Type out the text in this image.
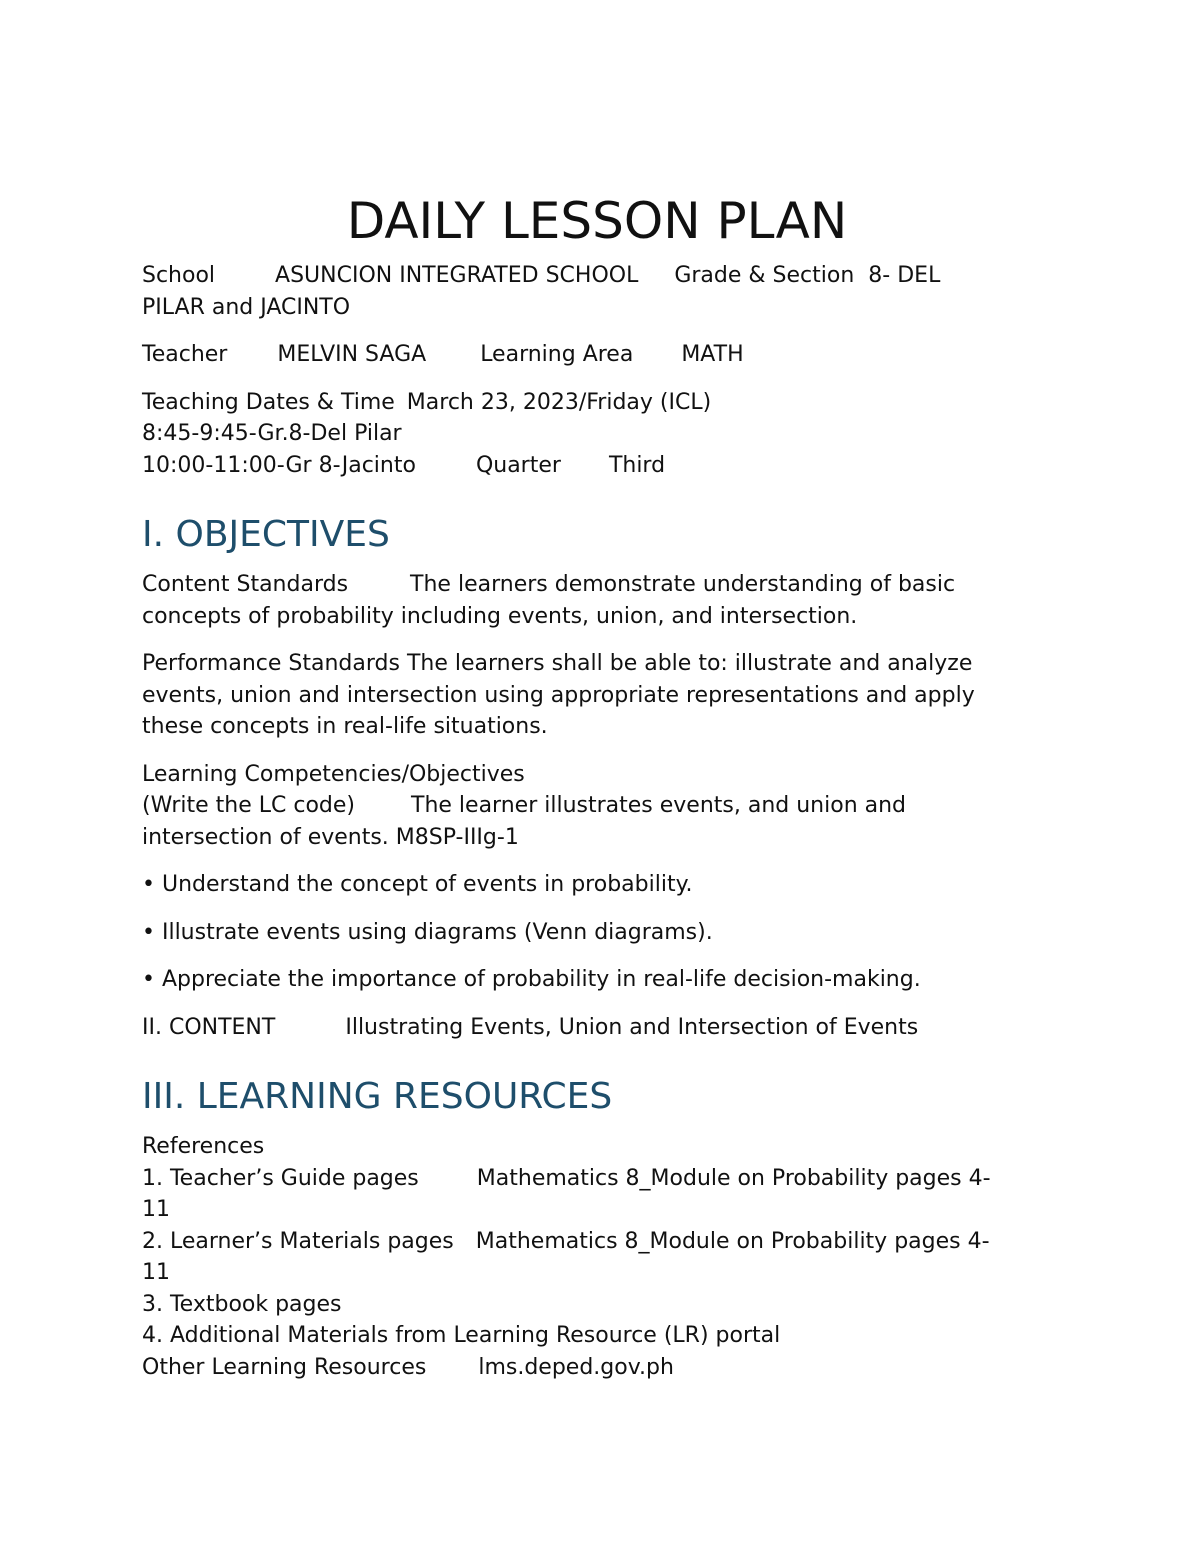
DAILY LESSON PLAN
School	ASUNCION INTEGRATED SCHOOL Grade & Section 8- DEL
PILAR and JACINTO
Teacher MELVIN SAGA Learning Area MATH
Teaching Dates & Time March 23, 2023/Friday (ICL)
8:45-9:45-Gr.8-Del Pilar
10:00-11:00-Gr 8-Jacinto	Quarter Third
I. OBJECTIVES
Content Standards	The learners demonstrate understanding of basic
concepts of probability including events, union, and intersection.
Performance Standards The learners shall be able to: illustrate and analyze
events, union and intersection using appropriate representations and apply
these concepts in real-life situations.
Learning Competencies/Objectives
(Write the LC code)	The learner illustrates events, and union and
intersection of events. M8SP-IIIg-1
• Understand the concept of events in probability.
• Illustrate events using diagrams (Venn diagrams).
• Appreciate the importance of probability in real-life decision-making.
II. CONTENT	Illustrating Events, Union and Intersection of Events
III. LEARNING RESOURCES
References
1. Teacher’s Guide pages	Mathematics 8_Module on Probability pages 4-
11
2. Learner’s Materials pages Mathematics 8_Module on Probability pages 4-
11
3. Textbook pages
4. Additional Materials from Learning Resource (LR) portal
Other Learning Resources lms.deped.gov.ph
